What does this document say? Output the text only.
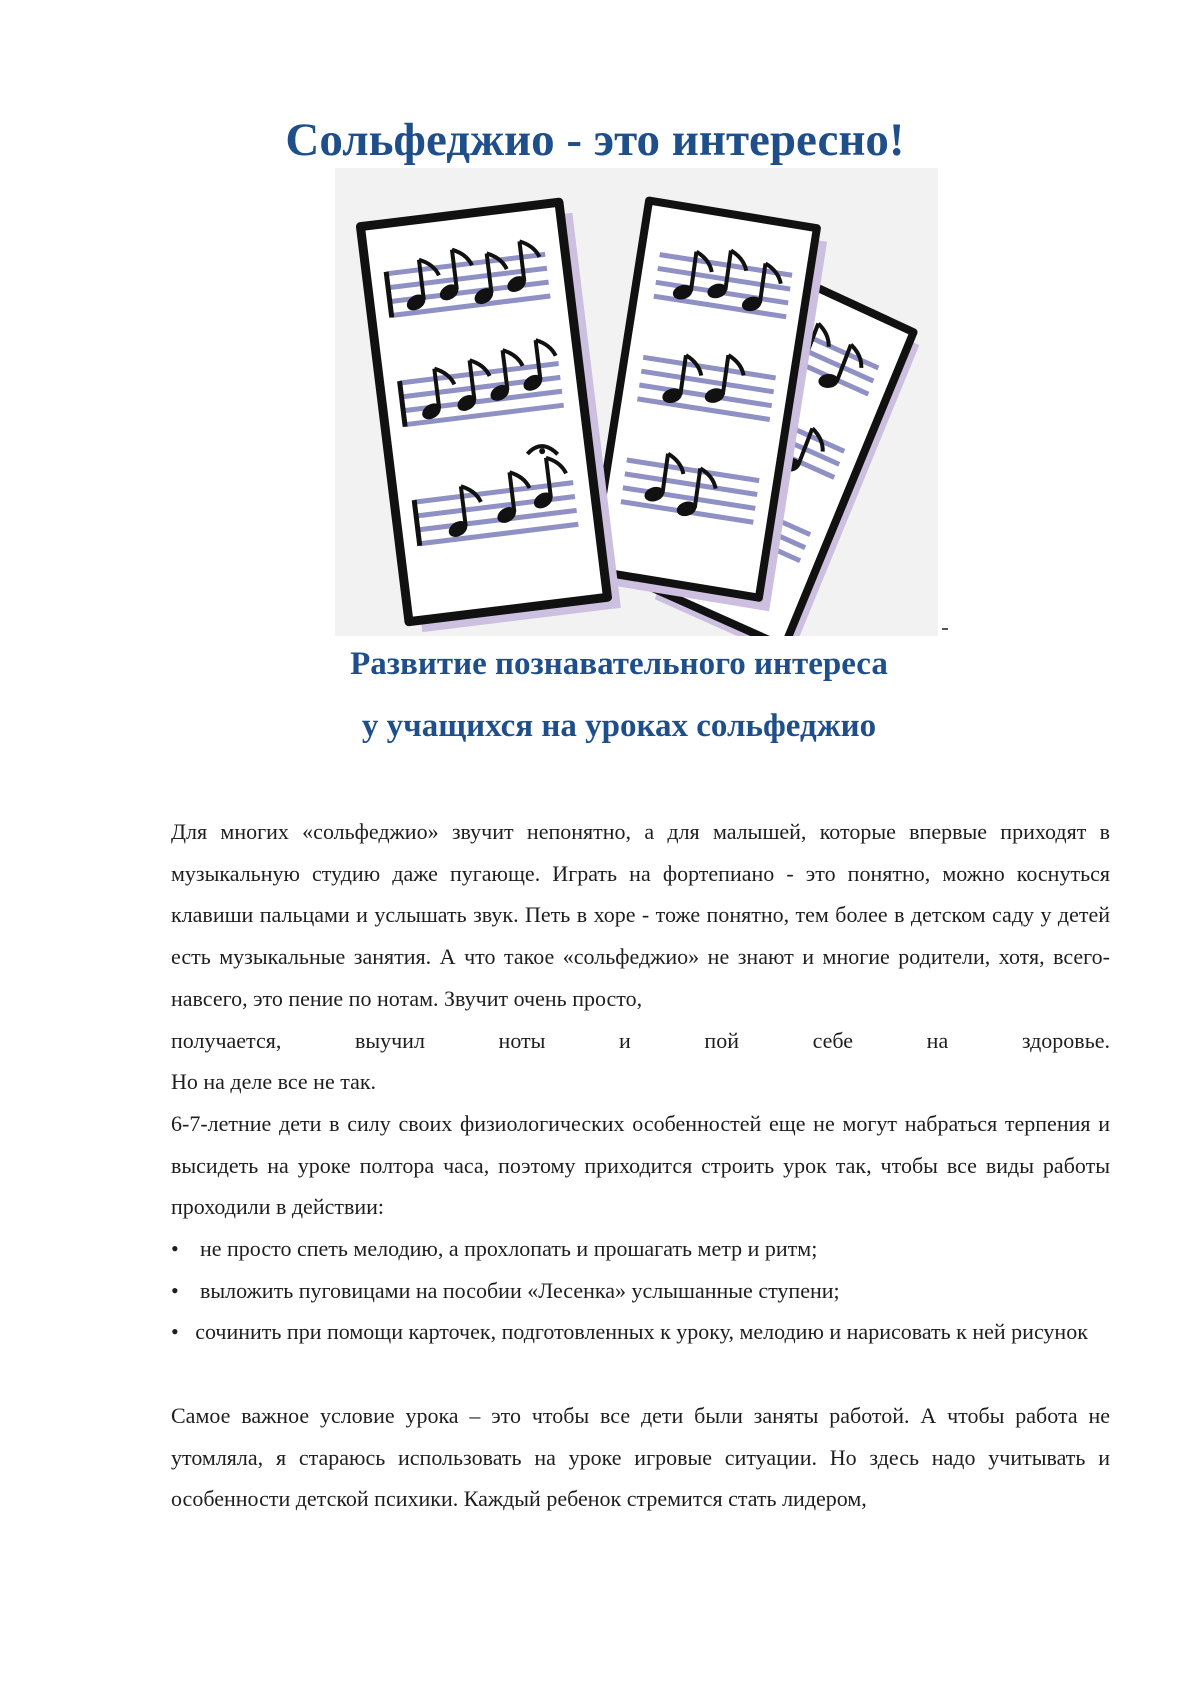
Сольфеджио - это интересно!
Развитие познавательного интереса
у учащихся на уроках сольфеджио

Для многих «сольфеджио» звучит непонятно, а для малышей, которые впервые приходят в музыкальную студию даже пугающе. Играть на фортепиано - это понятно, можно коснуться клавиши пальцами и услышать звук. Петь в хоре - тоже понятно, тем более в детском саду у детей есть музыкальные занятия. А что такое «сольфеджио» не знают и многие родители, хотя, всего-навсего, это пение по нотам. Звучит очень просто,

получается, выучил ноты и пой себе на здоровье.

Но на деле все не так.

6-7-летние дети в силу своих физиологических особенностей еще не могут набраться терпения и высидеть на уроке полтора часа, поэтому приходится строить урок так, чтобы все виды работы проходили в действии:

• не просто спеть мелодию, а прохлопать и прошагать метр и ритм;
• выложить пуговицами на пособии «Лесенка» услышанные ступени;

• сочинить при помощи карточек, подготовленных к уроку, мелодию и нарисовать к ней рисунок

Самое важное условие урока – это чтобы все дети были заняты работой. А чтобы работа не утомляла, я стараюсь использовать на уроке игровые ситуации. Но здесь надо учитывать и особенности детской психики. Каждый ребенок стремится стать лидером,
